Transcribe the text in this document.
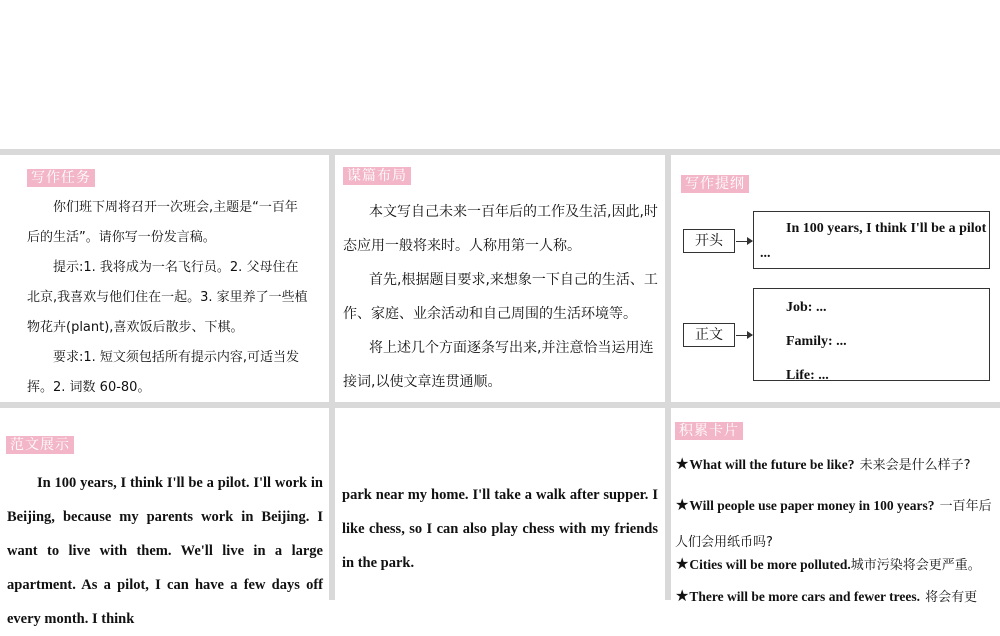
写作任务
你们班下周将召开一次班会,主题是“一百年后的生活”。请你写一份发言稿。
提示:1. 我将成为一名飞行员。2. 父母住在北京,我喜欢与他们住在一起。3. 家里养了一些植物花卉(plant),喜欢饭后散步、下棋。
要求:1. 短文须包括所有提示内容,可适当发挥。2. 词数 60-80。
谋篇布局
本文写自己未来一百年后的工作及生活,因此,时态应用一般将来时。人称用第一人称。
首先,根据题目要求,来想象一下自己的生活、工作、家庭、业余活动和自己周围的生活环境等。
将上述几个方面逐条写出来,并注意恰当运用连接词,以使文章连贯通顺。
写作提纲
开头
In 100 years, I think I'll be a pilot ...
正文
Job: ...
Family: ...
Life: ...
范文展示
In 100 years, I think I'll be a pilot. I'll work in Beijing, because my parents work in Beijing. I want to live with them. We'll live in a large apartment. As a pilot, I can have a few days off every month. I think
park near my home. I'll take a walk after supper. I like chess, so I can also play chess with my friends in the park.
积累卡片
★What will the future be like? 未来会是什么样子?
★Will people use paper money in 100 years? 一百年后人们会用纸币吗?
★Cities will be more polluted.城市污染将会更严重。
★There will be more cars and fewer trees. 将会有更
